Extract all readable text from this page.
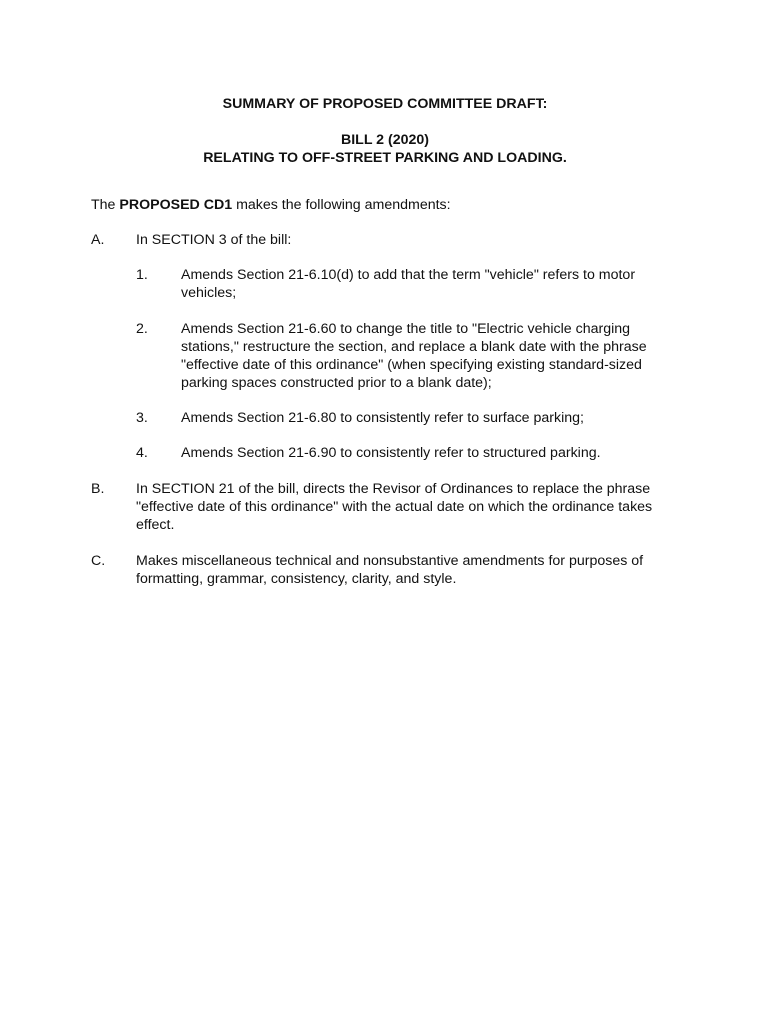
SUMMARY OF PROPOSED COMMITTEE DRAFT:
BILL 2 (2020)
RELATING TO OFF-STREET PARKING AND LOADING.
The PROPOSED CD1 makes the following amendments:
A. In SECTION 3 of the bill:
1. Amends Section 21-6.10(d) to add that the term "vehicle" refers to motor vehicles;
2. Amends Section 21-6.60 to change the title to "Electric vehicle charging stations," restructure the section, and replace a blank date with the phrase "effective date of this ordinance" (when specifying existing standard-sized parking spaces constructed prior to a blank date);
3. Amends Section 21-6.80 to consistently refer to surface parking;
4. Amends Section 21-6.90 to consistently refer to structured parking.
B. In SECTION 21 of the bill, directs the Revisor of Ordinances to replace the phrase "effective date of this ordinance" with the actual date on which the ordinance takes effect.
C. Makes miscellaneous technical and nonsubstantive amendments for purposes of formatting, grammar, consistency, clarity, and style.
